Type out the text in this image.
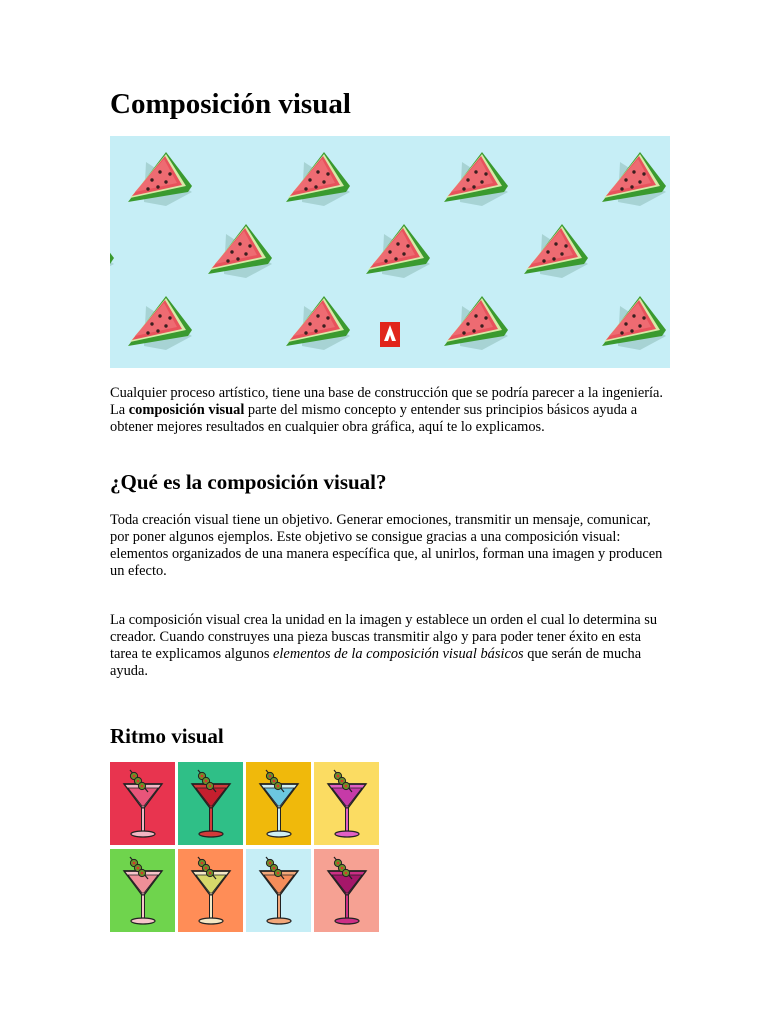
Composición visual

Cualquier proceso artístico, tiene una base de construcción que se podría parecer a la ingeniería. La composición visual parte del mismo concepto y entender sus principios básicos ayuda a obtener mejores resultados en cualquier obra gráfica, aquí te lo explicamos.

¿Qué es la composición visual?

Toda creación visual tiene un objetivo. Generar emociones, transmitir un mensaje, comunicar, por poner algunos ejemplos. Este objetivo se consigue gracias a una composición visual: elementos organizados de una manera específica que, al unirlos, forman una imagen y producen un efecto.

La composición visual crea la unidad en la imagen y establece un orden el cual lo determina su creador. Cuando construyes una pieza buscas transmitir algo y para poder tener éxito en esta tarea te explicamos algunos elementos de la composición visual básicos que serán de mucha ayuda.

Ritmo visual
